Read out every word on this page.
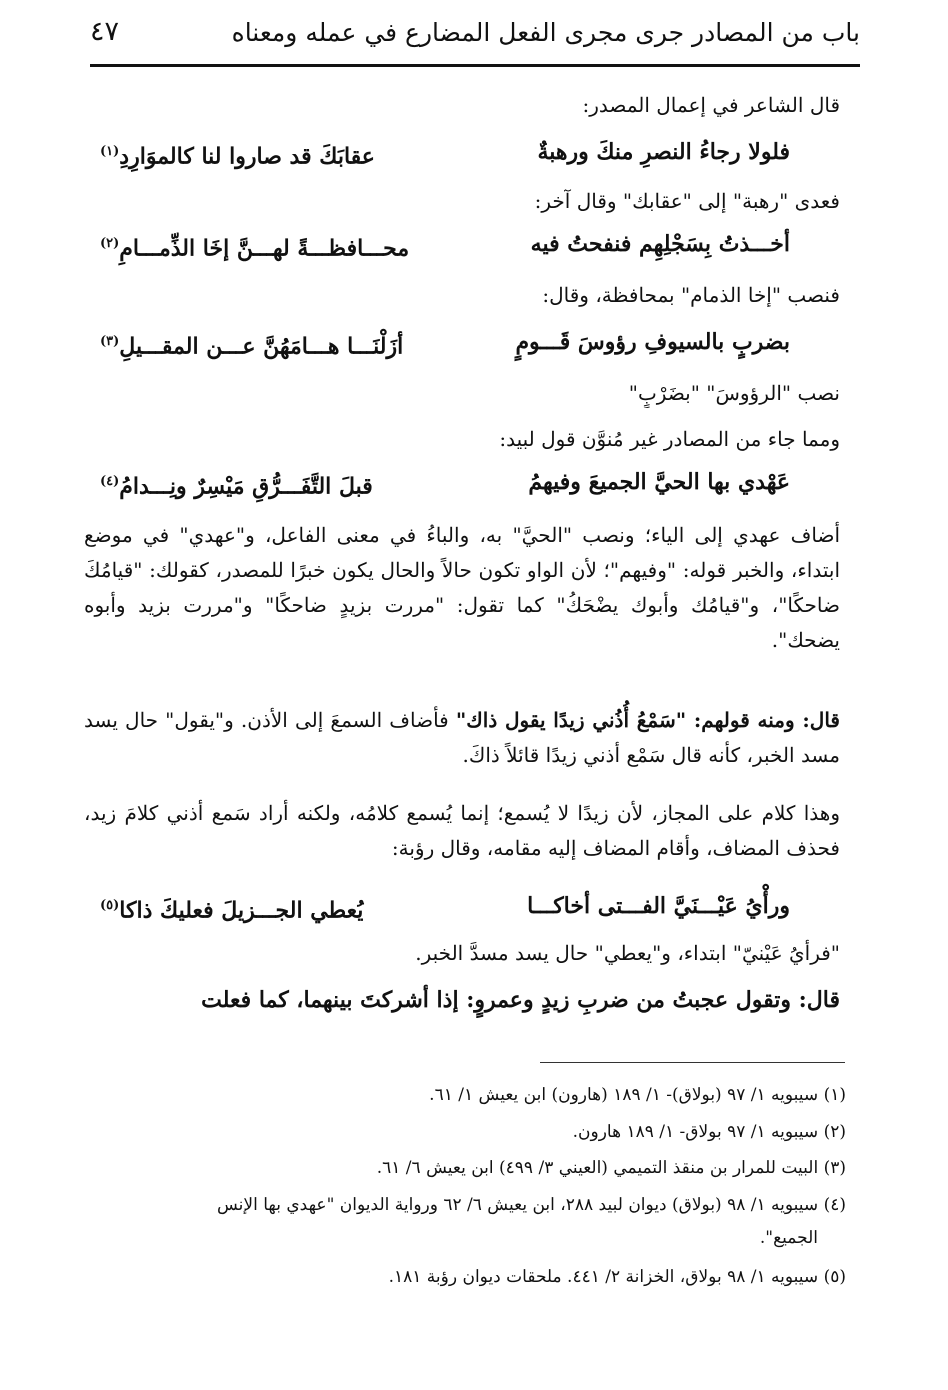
باب من المصادر جرى مجرى الفعل المضارع في عمله ومعناه
٤٧
قال الشاعر في إعمال المصدر:
فلولا رجاءُ النصرِ منكَ ورهبةٌ
عقابَكَ قد صاروا لنا كالموَارِدِ$^{(١)}$
فعدى "رهبة" إلى "عقابك" وقال آخر:
أخـــذتُ بِسَجْلِهِم فنفحتُ فيه
محـــافظـــةً لهـــنَّ إخَا الذِّمـــامِ$^{(٢)}$
فنصب "إخا الذمام" بمحافظة، وقال:
بضربٍ بالسيوفِ رؤوسَ قَـــومٍ
أزَلْنَـــا هـــامَهُنَّ عـــن المقـــيلِ$^{(٣)}$
نصب "الرؤوسَ" "بضَرْبٍ"
ومما جاء من المصادر غير مُنوَّن قول لبيد:
عَهْدي بها الحيَّ الجميعَ وفيهمُ
قبلَ التَّفَـــرُّقِ مَيْسِرٌ ونِـــدامُ$^{(٤)}$
أضاف عهدي إلى الياء؛ ونصب "الحيَّ" به، والباءُ في معنى الفاعل، و"عهدي" في موضع ابتداء، والخبر قوله: "وفيهم"؛ لأن الواو تكون حالاً والحال يكون خبرًا للمصدر، كقولك: "قيامُكَ ضاحكًا"، و"قيامُك وأبوك يضْحَكُ" كما تقول: "مررت بزيدٍ ضاحكًا" و"مررت بزيد وأبوه يضحك".
قال: ومنه قولهم: "سَمْعُ أُذُني زيدًا يقول ذاك" فأضاف السمعَ إلى الأذن. و"يقول" حال يسد مسد الخبر، كأنه قال سَمْع أذني زيدًا قائلاً ذاكَ.
وهذا كلام على المجاز، لأن زيدًا لا يُسمع؛ إنما يُسمع كلامُه، ولكنه أراد سَمع أذني كلامَ زيد، فحذف المضاف، وأقام المضاف إليه مقامه، وقال رؤبة:
ورأْيُ عَيْـــنَيَّ الفـــتى أخاكـــا
يُعطي الجـــزيلَ فعليكَ ذاكا$^{(٥)}$
"فرأيُ عَيْنيّ" ابتداء، و"يعطي" حال يسد مسدَّ الخبر.
قال: وتقول عجبتُ من ضربِ زيدٍ وعمروٍ: إذا أشركتَ بينهما، كما فعلت
(١) سيبويه ١/ ٩٧ (بولاق)- ١/ ١٨٩ (هارون) ابن يعيش ١/ ٦١.
(٢) سيبويه ١/ ٩٧ بولاق- ١/ ١٨٩ هارون.
(٣) البيت للمرار بن منقذ التميمي (العيني ٣/ ٤٩٩) ابن يعيش ٦/ ٦١.
(٤) سيبويه ١/ ٩٨ (بولاق) ديوان لبيد ٢٨٨، ابن يعيش ٦/ ٦٢ ورواية الديوان "عهدي بها الإنس
الجميع".
(٥) سيبويه ١/ ٩٨ بولاق، الخزانة ٢/ ٤٤١. ملحقات ديوان رؤبة ١٨١.
